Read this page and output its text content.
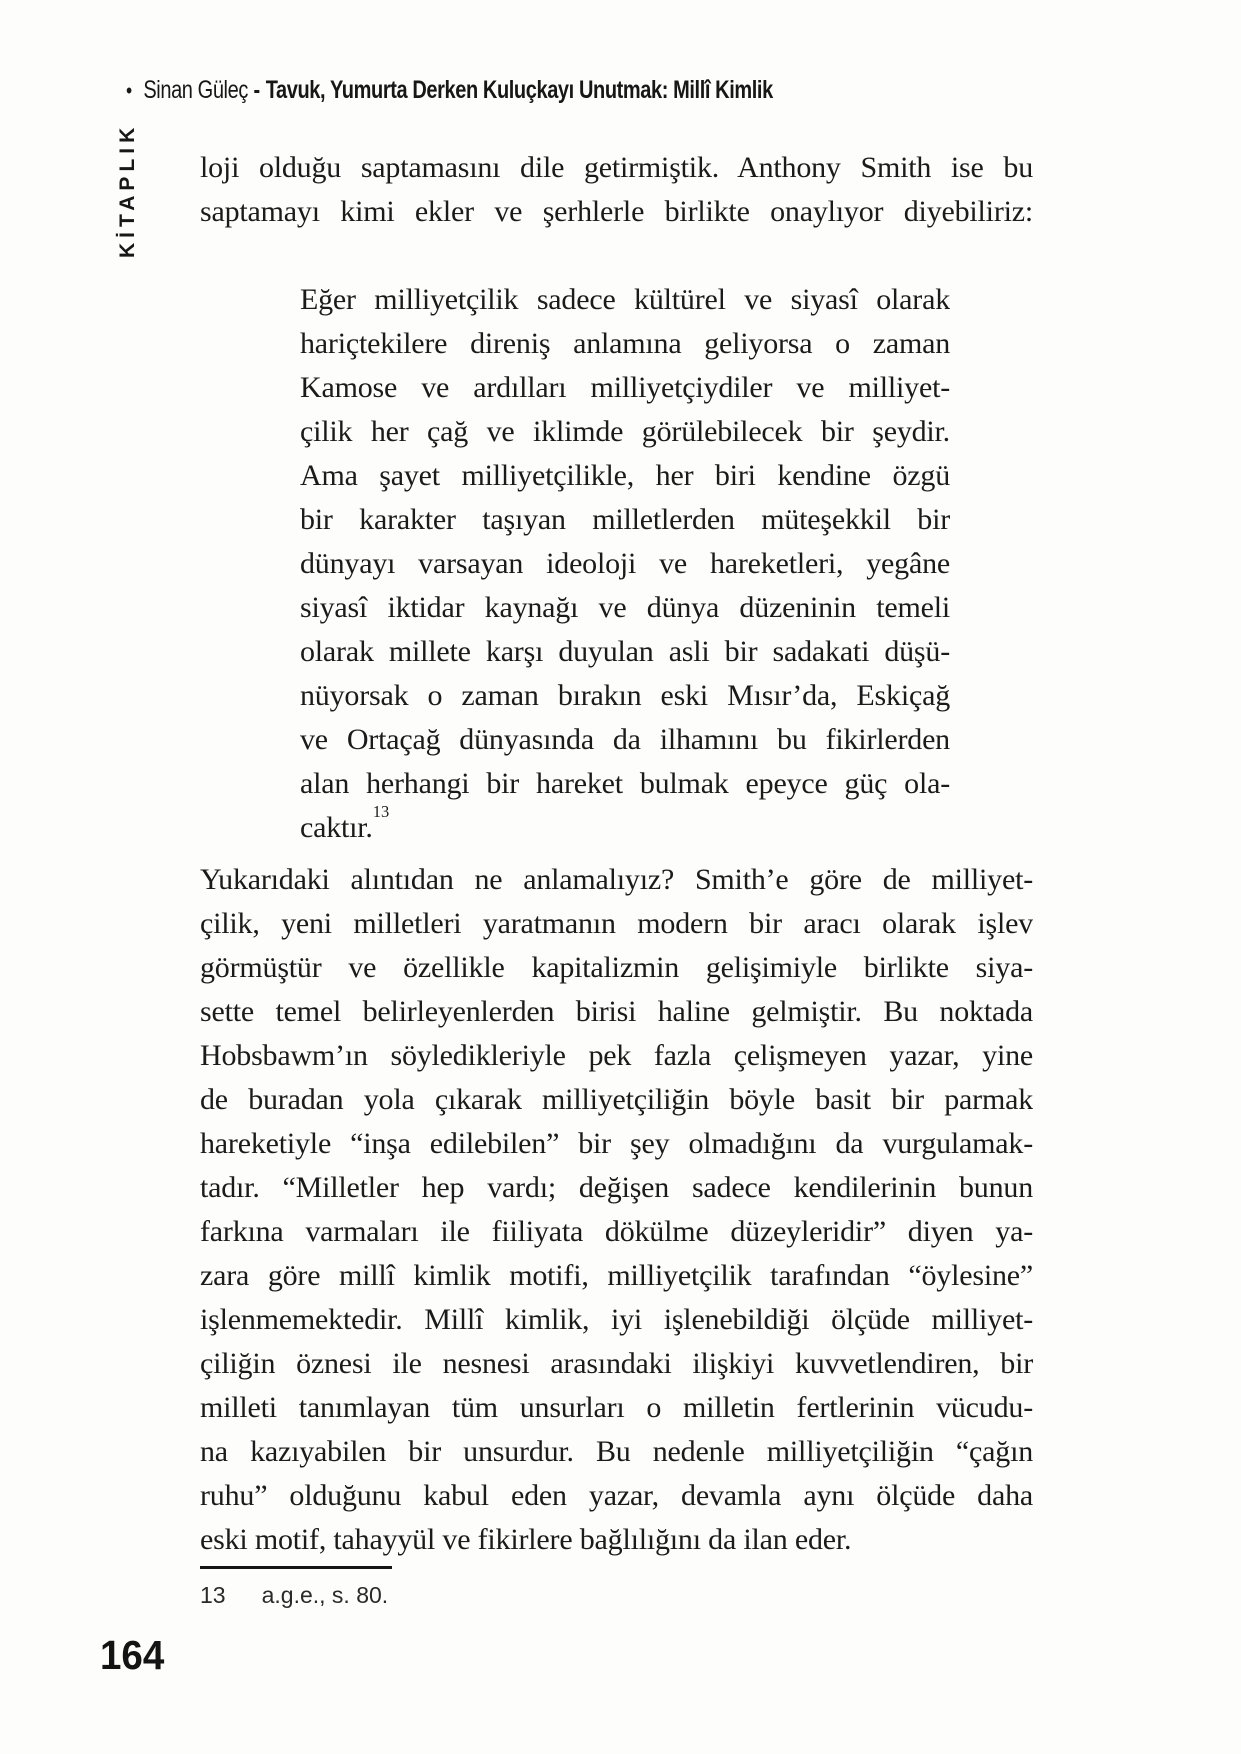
• Sinan Güleç - Tavuk, Yumurta Derken Kuluçkayı Unutmak: Millî Kimlik
KİTAPLIK loji olduğu saptamasını dile getirmiştik. Anthony Smith ise bu
saptamayı kimi ekler ve şerhlerle birlikte onaylıyor diyebiliriz:
Eğer milliyetçilik sadece kültürel ve siyasî olarak
hariçtekilere direniş anlamına geliyorsa o zaman
Kamose ve ardılları milliyetçiydiler ve milliyet-
çilik her çağ ve iklimde görülebilecek bir şeydir.
Ama şayet milliyetçilikle, her biri kendine özgü
bir karakter taşıyan milletlerden müteşekkil bir
dünyayı varsayan ideoloji ve hareketleri, yegâne
siyasî iktidar kaynağı ve dünya düzeninin temeli
olarak millete karşı duyulan asli bir sadakati düşü-
nüyorsak o zaman bırakın eski Mısır’da, Eskiçağ
ve Ortaçağ dünyasında da ilhamını bu fikirlerden
alan herhangi bir hareket bulmak epeyce güç ola-
caktır.$^{13}$
Yukarıdaki alıntıdan ne anlamalıyız? Smith’e göre de milliyet-
çilik, yeni milletleri yaratmanın modern bir aracı olarak işlev
görmüştür ve özellikle kapitalizmin gelişimiyle birlikte siya-
sette temel belirleyenlerden birisi haline gelmiştir. Bu noktada
Hobsbawm’ın söyledikleriyle pek fazla çelişmeyen yazar, yine
de buradan yola çıkarak milliyetçiliğin böyle basit bir parmak
hareketiyle “inşa edilebilen” bir şey olmadığını da vurgulamak-
tadır. “Milletler hep vardı; değişen sadece kendilerinin bunun
farkına varmaları ile fiiliyata dökülme düzeyleridir” diyen ya-
zara göre millî kimlik motifi, milliyetçilik tarafından “öylesine”
işlenmemektedir. Millî kimlik, iyi işlenebildiği ölçüde milliyet-
çiliğin öznesi ile nesnesi arasındaki ilişkiyi kuvvetlendiren, bir
milleti tanımlayan tüm unsurları o milletin fertlerinin vücudu-
na kazıyabilen bir unsurdur. Bu nedenle milliyetçiliğin “çağın
ruhu” olduğunu kabul eden yazar, devamla aynı ölçüde daha
eski motif, tahayyül ve fikirlere bağlılığını da ilan eder.
13 a.g.e., s. 80.
164
